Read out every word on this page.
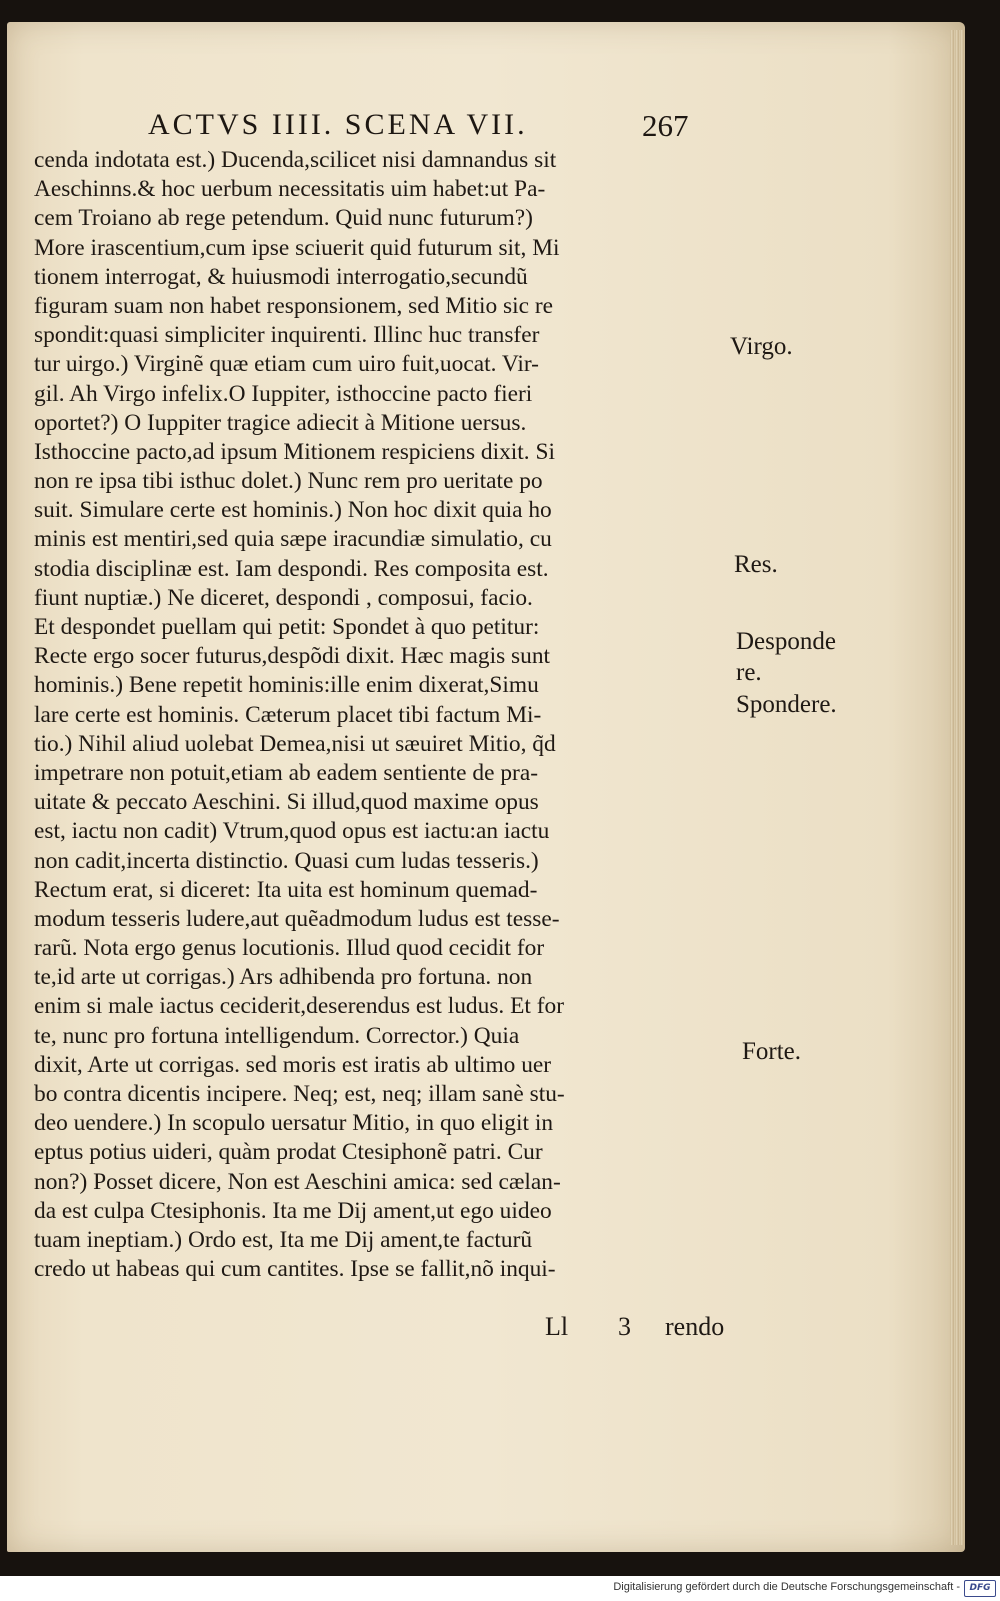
ACTVS IIII. SCENA VII.	267
cenda indotata est.) Ducenda,scilicet nisi damnandus sit
Aeschinns.& hoc uerbum necessitatis uim habet:ut Pa-
cem Troiano ab rege petendum. Quid nunc futurum?)
More irascentium,cum ipse sciuerit quid futurum sit, Mi
tionem interrogat, & huiusmodi interrogatio,secundũ
figuram suam non habet responsionem, sed Mitio sic re
spondit:quasi simpliciter inquirenti. Illinc huc transfer
tur uirgo.) Virginẽ quæ etiam cum uiro fuit,uocat. Vir-
gil. Ah Virgo infelix.O Iuppiter, isthoccine pacto fieri
oportet?) O Iuppiter tragice adiecit à Mitione uersus.
Isthoccine pacto,ad ipsum Mitionem respiciens dixit. Si
non re ipsa tibi isthuc dolet.) Nunc rem pro ueritate po
suit. Simulare certe est hominis.) Non hoc dixit quia ho
minis est mentiri,sed quia sæpe iracundiæ simulatio, cu
stodia disciplinæ est. Iam despondi. Res composita est.
fiunt nuptiæ.) Ne diceret, despondi , composui, facio.
Et despondet puellam qui petit: Spondet à quo petitur:
Recte ergo socer futurus,despõdi dixit. Hæc magis sunt
hominis.) Bene repetit hominis:ille enim dixerat,Simu
lare certe est hominis. Cæterum placet tibi factum Mi-
tio.) Nihil aliud uolebat Demea,nisi ut sæuiret Mitio, q̃d
impetrare non potuit,etiam ab eadem sentiente de pra-
uitate & peccato Aeschini. Si illud,quod maxime opus
est, iactu non cadit) Vtrum,quod opus est iactu:an iactu
non cadit,incerta distinctio. Quasi cum ludas tesseris.)
Rectum erat, si diceret: Ita uita est hominum quemad-
modum tesseris ludere,aut quẽadmodum ludus est tesse-
rarũ. Nota ergo genus locutionis. Illud quod cecidit for
te,id arte ut corrigas.) Ars adhibenda pro fortuna. non
enim si male iactus ceciderit,deserendus est ludus. Et for
te, nunc pro fortuna intelligendum. Corrector.) Quia
dixit, Arte ut corrigas. sed moris est iratis ab ultimo uer
bo contra dicentis incipere. Neq; est, neq; illam sanè stu-
deo uendere.) In scopulo uersatur Mitio, in quo eligit in
eptus potius uideri, quàm prodat Ctesiphonẽ patri. Cur
non?) Posset dicere, Non est Aeschini amica: sed cælan-
da est culpa Ctesiphonis. Ita me Dĳ ament,ut ego uideo
tuam ineptiam.) Ordo est, Ita me Dĳ ament,te facturũ
credo ut habeas qui cum cantites. Ipse se fallit,nõ inqui-
Virgo.
Res.
Desponde
re.
Spondere.
Forte.
Ll 3 rendo
Digitalisierung gefördert durch die Deutsche Forschungsgemeinschaft -	DFG
